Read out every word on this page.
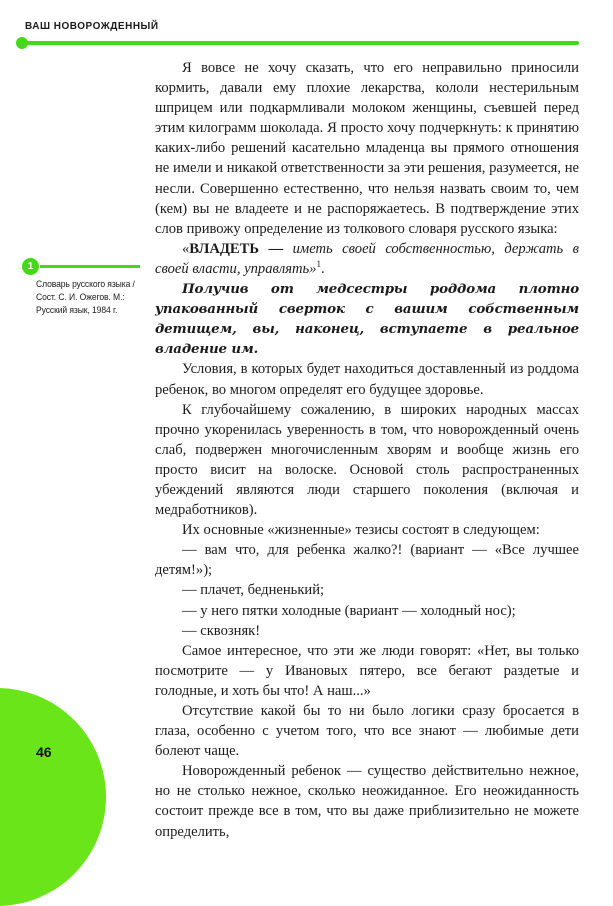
ВАШ НОВОРОЖДЕННЫЙ
1
Словарь русского языка /Сост. С. И. Ожегов. М.: Русский язык, 1984 г.
46

Я вовсе не хочу сказать, что его неправильно приносили кормить, давали ему плохие лекарства, кололи нестерильным шприцем или подкармливали молоком женщины, съевшей перед этим килограмм шоколада. Я просто хочу подчеркнуть: к принятию каких-либо решений касательно младенца вы прямого отношения не имели и никакой ответственности за эти решения, разумеется, не несли. Совершенно естественно, что нельзя назвать своим то, чем (кем) вы не владеете и не распоряжаетесь. В подтверждение этих слов привожу определение из толкового словаря русского языка:

«ВЛАДЕТЬ — иметь своей собственностью, держать в своей власти, управлять»$^1$.

Получив от медсестры роддома плотно упакованный сверток с вашим собственным детищем, вы, наконец, вступаете в реальное владение им.

Условия, в которых будет находиться доставленный из роддома ребенок, во многом определят его будущее здоровье.

К глубочайшему сожалению, в широких народных массах прочно укоренилась уверенность в том, что новорожденный очень слаб, подвержен многочисленным хворям и вообще жизнь его просто висит на волоске. Основой столь распространенных убеждений являются люди старшего поколения (включая и медработников).

Их основные «жизненные» тезисы состоят в следующем:

— вам что, для ребенка жалко?! (вариант — «Все лучшее детям!»);

— плачет, бедненький;

— у него пятки холодные (вариант — холодный нос);

— сквозняк!

Самое интересное, что эти же люди говорят: «Нет, вы только посмотрите — у Ивановых пятеро, все бегают раздетые и голодные, и хоть бы что! А наш...»

Отсутствие какой бы то ни было логики сразу бросается в глаза, особенно с учетом того, что все знают — любимые дети болеют чаще.

Новорожденный ребенок — существо действительно нежное, но не столько нежное, сколько неожиданное. Его неожиданность состоит прежде все в том, что вы даже приблизительно не можете определить,
